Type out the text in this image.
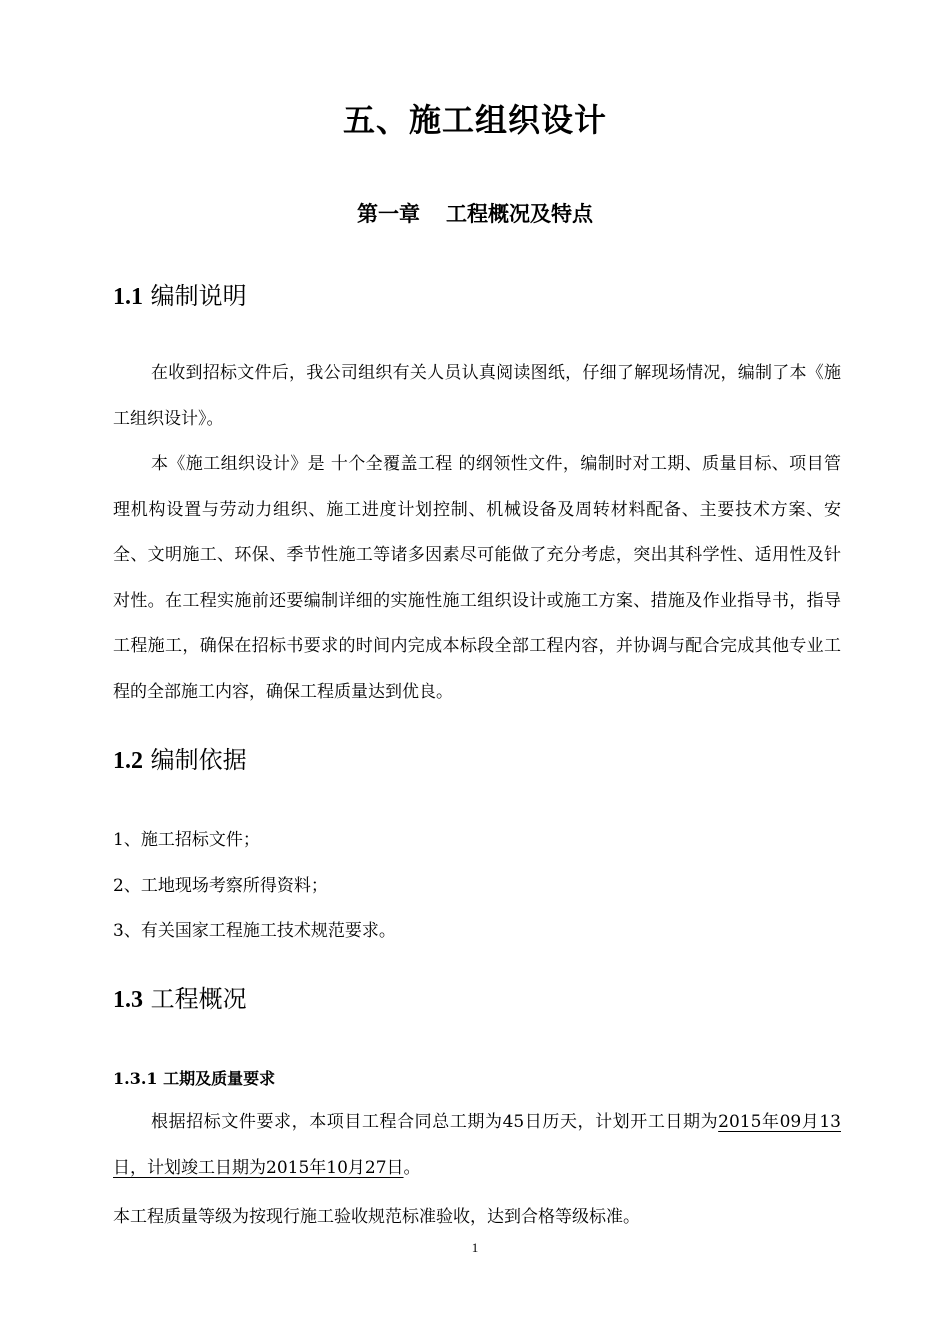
五、施工组织设计
第一章 工程概况及特点
1.1 编制说明
在收到招标文件后，我公司组织有关人员认真阅读图纸，仔细了解现场情况，编制了本《施工组织设计》。
本《施工组织设计》是 十个全覆盖工程 的纲领性文件，编制时对工期、质量目标、项目管理机构设置与劳动力组织、施工进度计划控制、机械设备及周转材料配备、主要技术方案、安全、文明施工、环保、季节性施工等诸多因素尽可能做了充分考虑，突出其科学性、适用性及针对性。在工程实施前还要编制详细的实施性施工组织设计或施工方案、措施及作业指导书，指导工程施工，确保在招标书要求的时间内完成本标段全部工程内容，并协调与配合完成其他专业工程的全部施工内容，确保工程质量达到优良。
1.2 编制依据
1、施工招标文件；
2、工地现场考察所得资料；
3、有关国家工程施工技术规范要求。
1.3 工程概况
1.3.1 工期及质量要求
根据招标文件要求，本项目工程合同总工期为45日历天，计划开工日期为2015年09月13日，计划竣工日期为2015年10月27日。
本工程质量等级为按现行施工验收规范标准验收，达到合格等级标准。
1
